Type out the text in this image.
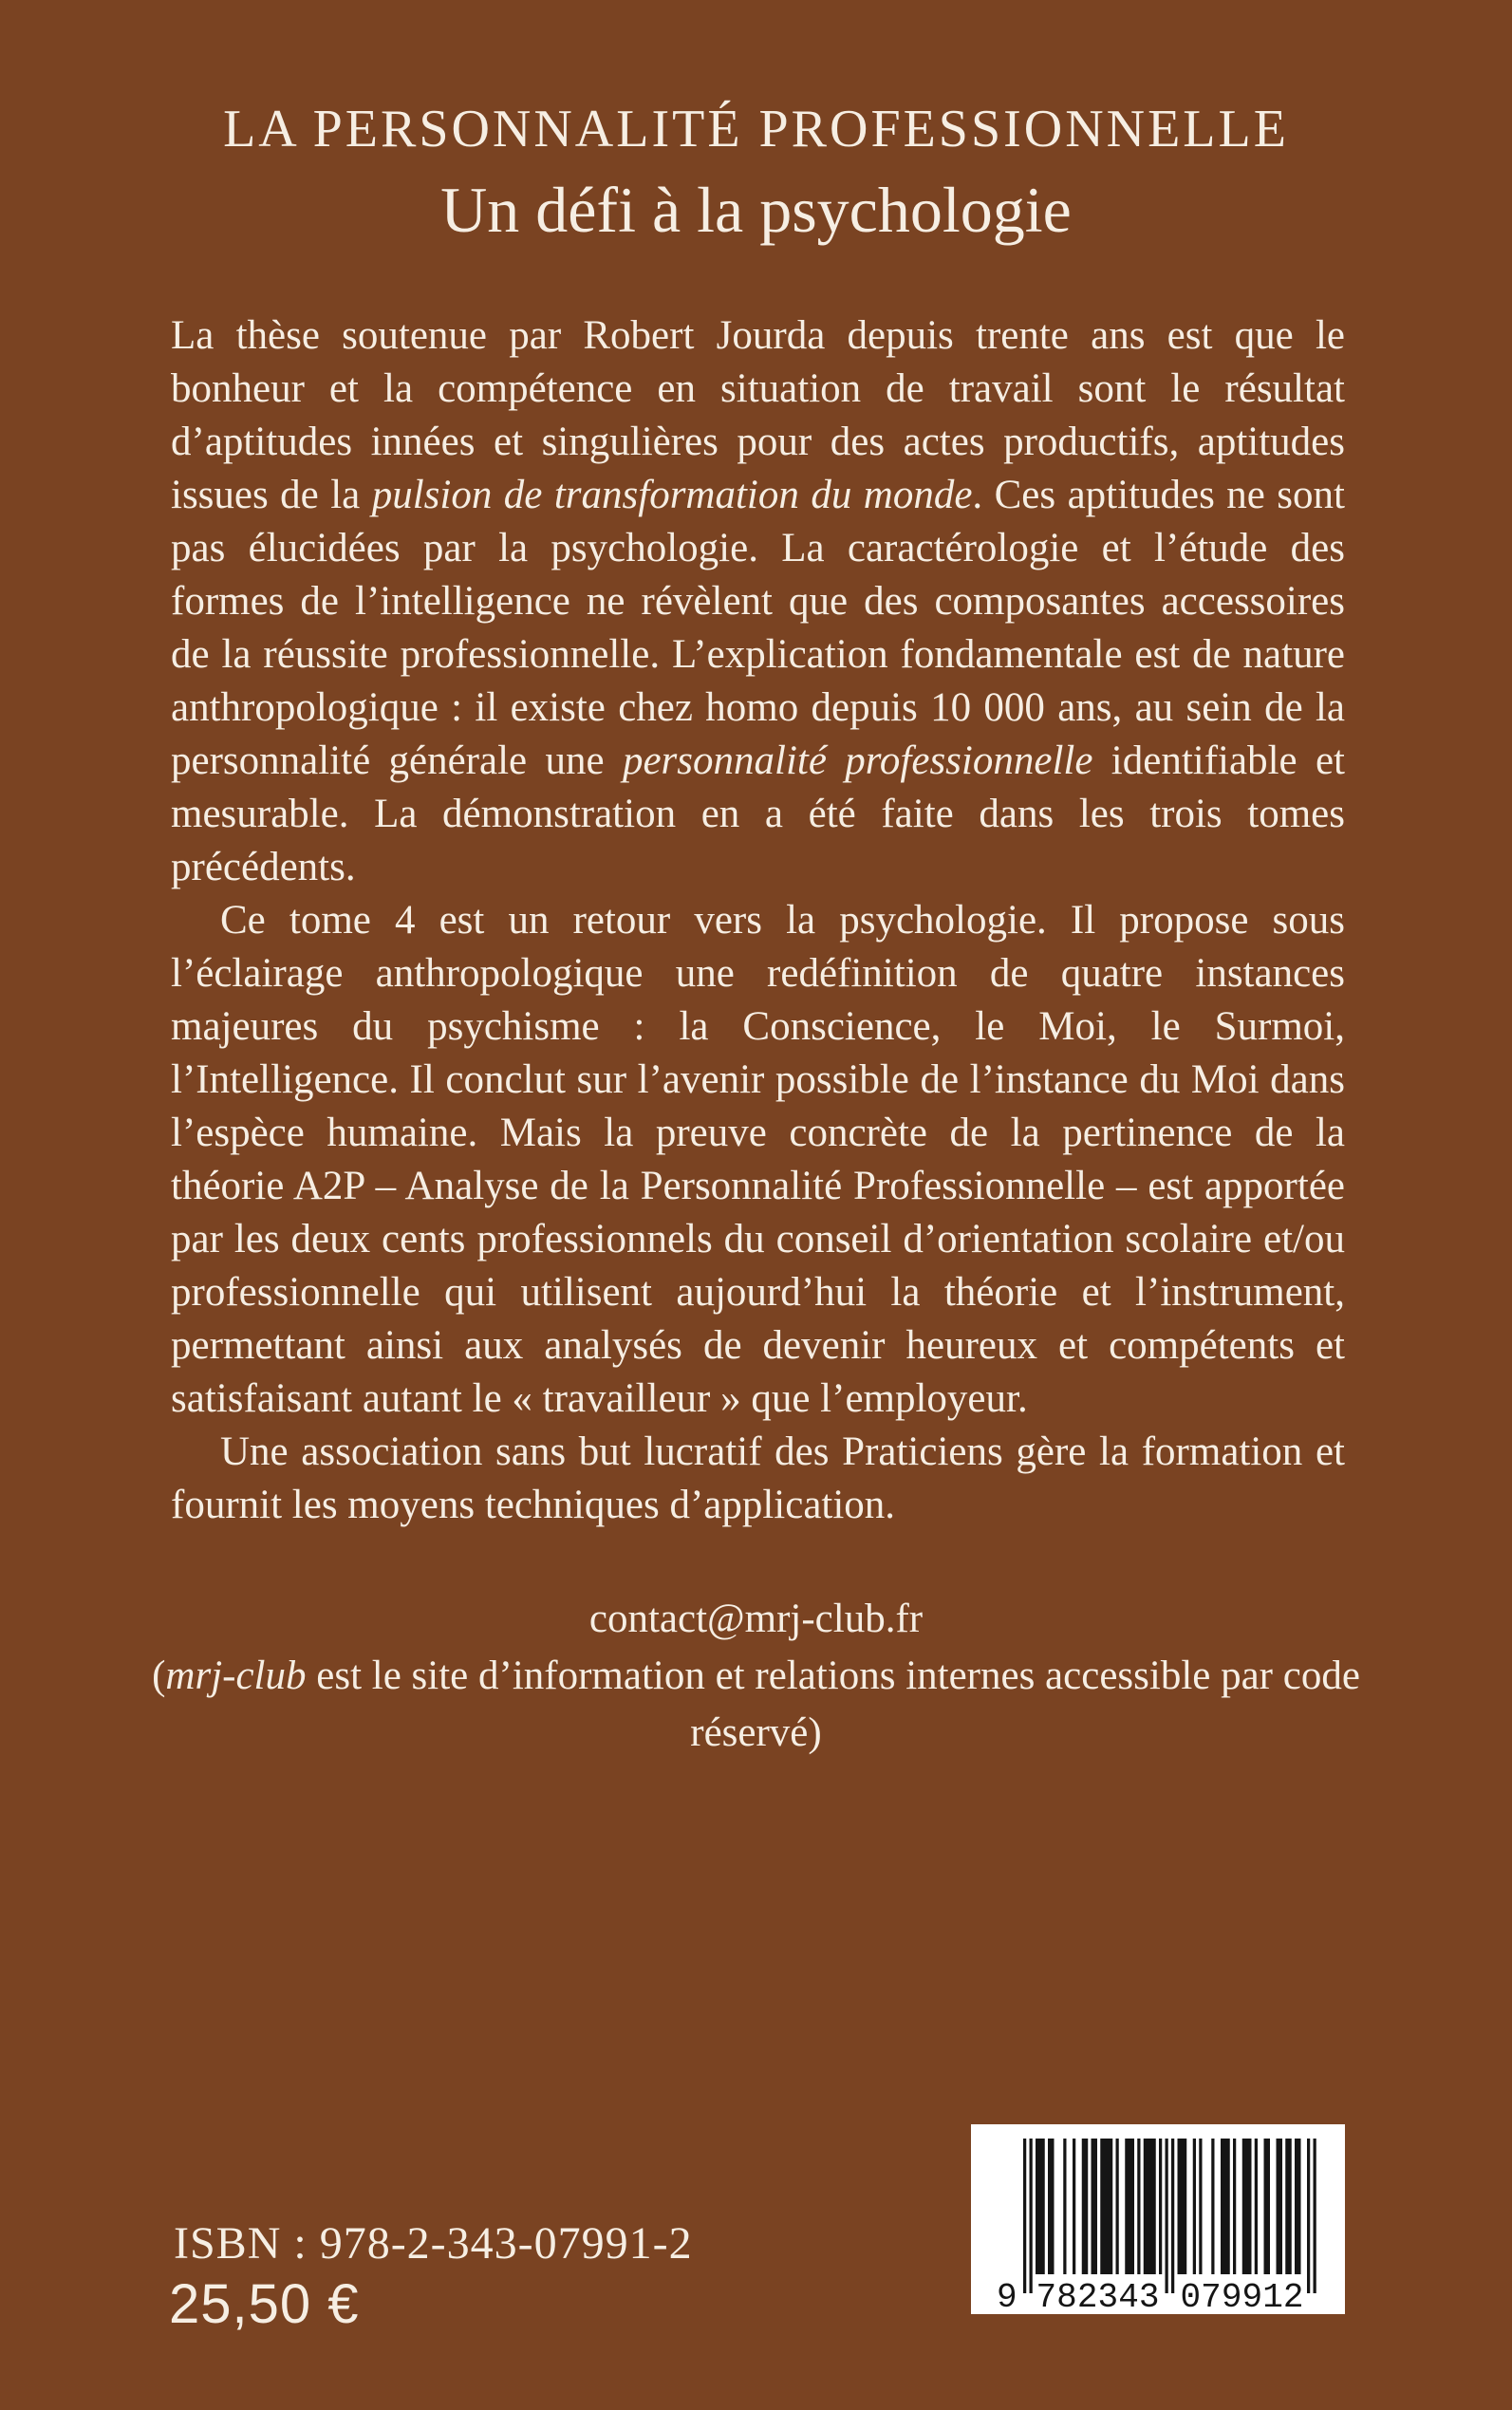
LA PERSONNALITÉ PROFESSIONNELLE
Un défi à la psychologie

La thèse soutenue par Robert Jourda depuis trente ans est que le bonheur et la compétence en situation de travail sont le résultat d’aptitudes innées et singulières pour des actes productifs, aptitudes issues de la pulsion de transformation du monde. Ces aptitudes ne sont pas élucidées par la psychologie. La caractérologie et l’étude des formes de l’intelligence ne révèlent que des composantes accessoires de la réussite professionnelle. L’explication fondamentale est de nature anthropologique : il existe chez homo depuis 10 000 ans, au sein de la personnalité générale une personnalité professionnelle identifiable et mesurable. La démonstration en a été faite dans les trois tomes précédents.

Ce tome 4 est un retour vers la psychologie. Il propose sous l’éclairage anthropologique une redéfinition de quatre instances majeures du psychisme : la Conscience, le Moi, le Surmoi, l’Intelligence. Il conclut sur l’avenir possible de l’instance du Moi dans l’espèce humaine. Mais la preuve concrète de la pertinence de la théorie A2P – Analyse de la Personnalité Professionnelle – est apportée par les deux cents professionnels du conseil d’orientation scolaire et/ou professionnelle qui utilisent aujourd’hui la théorie et l’instrument, permettant ainsi aux analysés de devenir heureux et compétents et satisfaisant autant le « travailleur » que l’employeur.

Une association sans but lucratif des Praticiens gère la formation et fournit les moyens techniques d’application.

contact@mrj-club.fr
(mrj-club est le site d’information et relations internes accessible par code réservé)
ISBN : 978-2-343-07991-2
25,50 €	9 782343 079912
